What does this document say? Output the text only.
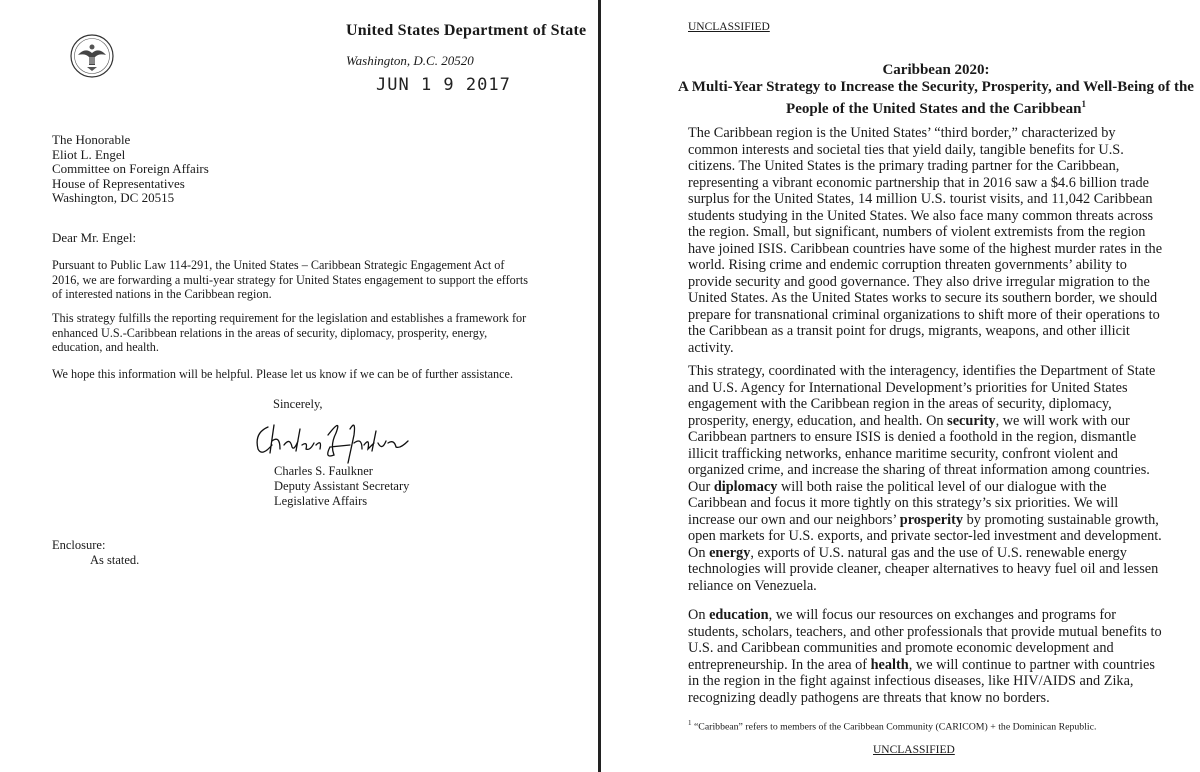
United States Department of State
Washington, D.C. 20520
JUN 1 9 2017
The Honorable
Eliot L. Engel
Committee on Foreign Affairs
House of Representatives
Washington, DC 20515
Dear Mr. Engel:
Pursuant to Public Law 114-291, the United States – Caribbean Strategic Engagement Act of 2016, we are forwarding a multi-year strategy for United States engagement to support the efforts of interested nations in the Caribbean region.
This strategy fulfills the reporting requirement for the legislation and establishes a framework for enhanced U.S.-Caribbean relations in the areas of security, diplomacy, prosperity, energy, education, and health.
We hope this information will be helpful. Please let us know if we can be of further assistance.
Sincerely,
Charles S. Faulkner
Deputy Assistant Secretary
Legislative Affairs
Enclosure:
As stated.
UNCLASSIFIED
Caribbean 2020:
A Multi-Year Strategy to Increase the Security, Prosperity, and Well-Being of the People of the United States and the Caribbean$^1$
The Caribbean region is the United States’ “third border,” characterized by common interests and societal ties that yield daily, tangible benefits for U.S. citizens. The United States is the primary trading partner for the Caribbean, representing a vibrant economic partnership that in 2016 saw a $4.6 billion trade surplus for the United States, 14 million U.S. tourist visits, and 11,042 Caribbean students studying in the United States. We also face many common threats across the region. Small, but significant, numbers of violent extremists from the region have joined ISIS. Caribbean countries have some of the highest murder rates in the world. Rising crime and endemic corruption threaten governments’ ability to provide security and good governance. They also drive irregular migration to the United States. As the United States works to secure its southern border, we should prepare for transnational criminal organizations to shift more of their operations to the Caribbean as a transit point for drugs, migrants, weapons, and other illicit activity.
This strategy, coordinated with the interagency, identifies the Department of State and U.S. Agency for International Development’s priorities for United States engagement with the Caribbean region in the areas of security, diplomacy, prosperity, energy, education, and health. On security, we will work with our Caribbean partners to ensure ISIS is denied a foothold in the region, dismantle illicit trafficking networks, enhance maritime security, confront violent and organized crime, and increase the sharing of threat information among countries. Our diplomacy will both raise the political level of our dialogue with the Caribbean and focus it more tightly on this strategy’s six priorities. We will increase our own and our neighbors’ prosperity by promoting sustainable growth, open markets for U.S. exports, and private sector-led investment and development. On energy, exports of U.S. natural gas and the use of U.S. renewable energy technologies will provide cleaner, cheaper alternatives to heavy fuel oil and lessen reliance on Venezuela.
On education, we will focus our resources on exchanges and programs for students, scholars, teachers, and other professionals that provide mutual benefits to U.S. and Caribbean communities and promote economic development and entrepreneurship. In the area of health, we will continue to partner with countries in the region in the fight against infectious diseases, like HIV/AIDS and Zika, recognizing deadly pathogens are threats that know no borders.
$^1$ “Caribbean” refers to members of the Caribbean Community (CARICOM) + the Dominican Republic.
UNCLASSIFIED
